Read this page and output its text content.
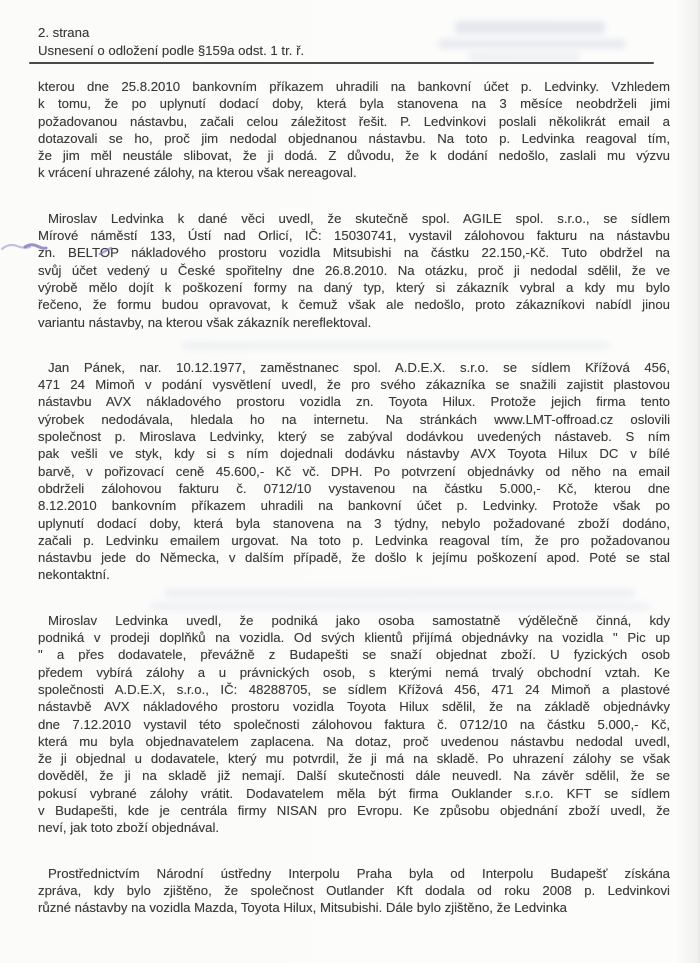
2. strana
Usnesení o odložení podle §159a odst. 1 tr. ř.
kterou dne 25.8.2010 bankovním příkazem uhradili na bankovní účet p. Ledvinky. Vzhledem
k tomu, že po uplynutí dodací doby, která byla stanovena na 3 měsíce neobdrželi jimi
požadovanou nástavbu, začali celou záležitost řešit. P. Ledvinkovi poslali několikrát email a
dotazovali se ho, proč jim nedodal objednanou nástavbu. Na toto p. Ledvinka reagoval tím,
že jim měl neustále slibovat, že ji dodá. Z důvodu, že k dodání nedošlo, zaslali mu výzvu
k vrácení uhrazené zálohy, na kterou však nereagoval.
Miroslav Ledvinka k dané věci uvedl, že skutečně spol. AGILE spol. s.r.o., se sídlem
Mírové náměstí 133, Ústí nad Orlicí, IČ: 15030741, vystavil zálohovou fakturu na nástavbu
zn. BELTOP nákladového prostoru vozidla Mitsubishi na částku 22.150,-Kč. Tuto obdržel na
svůj účet vedený u České spořitelny dne 26.8.2010. Na otázku, proč ji nedodal sdělil, že ve
výrobě mělo dojít k poškození formy na daný typ, který si zákazník vybral a kdy mu bylo
řečeno, že formu budou opravovat, k čemuž však ale nedošlo, proto zákazníkovi nabídl jinou
variantu nástavby, na kterou však zákazník nereflektoval.
Jan Pánek, nar. 10.12.1977, zaměstnanec spol. A.D.E.X. s.r.o. se sídlem Křížová 456,
471 24 Mimoň v podání vysvětlení uvedl, že pro svého zákazníka se snažili zajistit plastovou
nástavbu AVX nákladového prostoru vozidla zn. Toyota Hilux. Protože jejich firma tento
výrobek nedodávala, hledala ho na internetu. Na stránkách www.LMT-offroad.cz oslovili
společnost p. Miroslava Ledvinky, který se zabýval dodávkou uvedených nástaveb. S ním
pak vešli ve styk, kdy si s ním dojednali dodávku nástavby AVX Toyota Hilux DC v bílé
barvě, v pořizovací ceně 45.600,- Kč vč. DPH. Po potvrzení objednávky od něho na email
obdrželi zálohovou fakturu č. 0712/10 vystavenou na částku 5.000,- Kč, kterou dne
8.12.2010 bankovním příkazem uhradili na bankovní účet p. Ledvinky. Protože však po
uplynutí dodací doby, která byla stanovena na 3 týdny, nebylo požadované zboží dodáno,
začali p. Ledvinku emailem urgovat. Na toto p. Ledvinka reagoval tím, že pro požadovanou
nástavbu jede do Německa, v dalším případě, že došlo k jejímu poškození apod. Poté se stal
nekontaktní.
Miroslav Ledvinka uvedl, že podniká jako osoba samostatně výdělečně činná, kdy
podniká v prodeji doplňků na vozidla. Od svých klientů přijímá objednávky na vozidla " Pic up
" a přes dodavatele, převážně z Budapešti se snaží objednat zboží. U fyzických osob
předem vybírá zálohy a u právnických osob, s kterými nemá trvalý obchodní vztah. Ke
společnosti A.D.E.X, s.r.o., IČ: 48288705, se sídlem Křížová 456, 471 24 Mimoň a plastové
nástavbě AVX nákladového prostoru vozidla Toyota Hilux sdělil, že na základě objednávky
dne 7.12.2010 vystavil této společnosti zálohovou faktura č. 0712/10 na částku 5.000,- Kč,
která mu byla objednavatelem zaplacena. Na dotaz, proč uvedenou nástavbu nedodal uvedl,
že ji objednal u dodavatele, který mu potvrdil, že ji má na skladě. Po uhrazení zálohy se však
dověděl, že ji na skladě již nemají. Další skutečnosti dále neuvedl. Na závěr sdělil, že se
pokusí vybrané zálohy vrátit. Dodavatelem měla být firma Ouklander s.r.o. KFT se sídlem
v Budapešti, kde je centrála firmy NISAN pro Evropu. Ke způsobu objednání zboží uvedl, že
neví, jak toto zboží objednával.
Prostřednictvím Národní ústředny Interpolu Praha byla od Interpolu Budapešť získána
zpráva, kdy bylo zjištěno, že společnost Outlander Kft dodala od roku 2008 p. Ledvinkovi
různé nástavby na vozidla Mazda, Toyota Hilux, Mitsubishi. Dále bylo zjištěno, že Ledvinka
